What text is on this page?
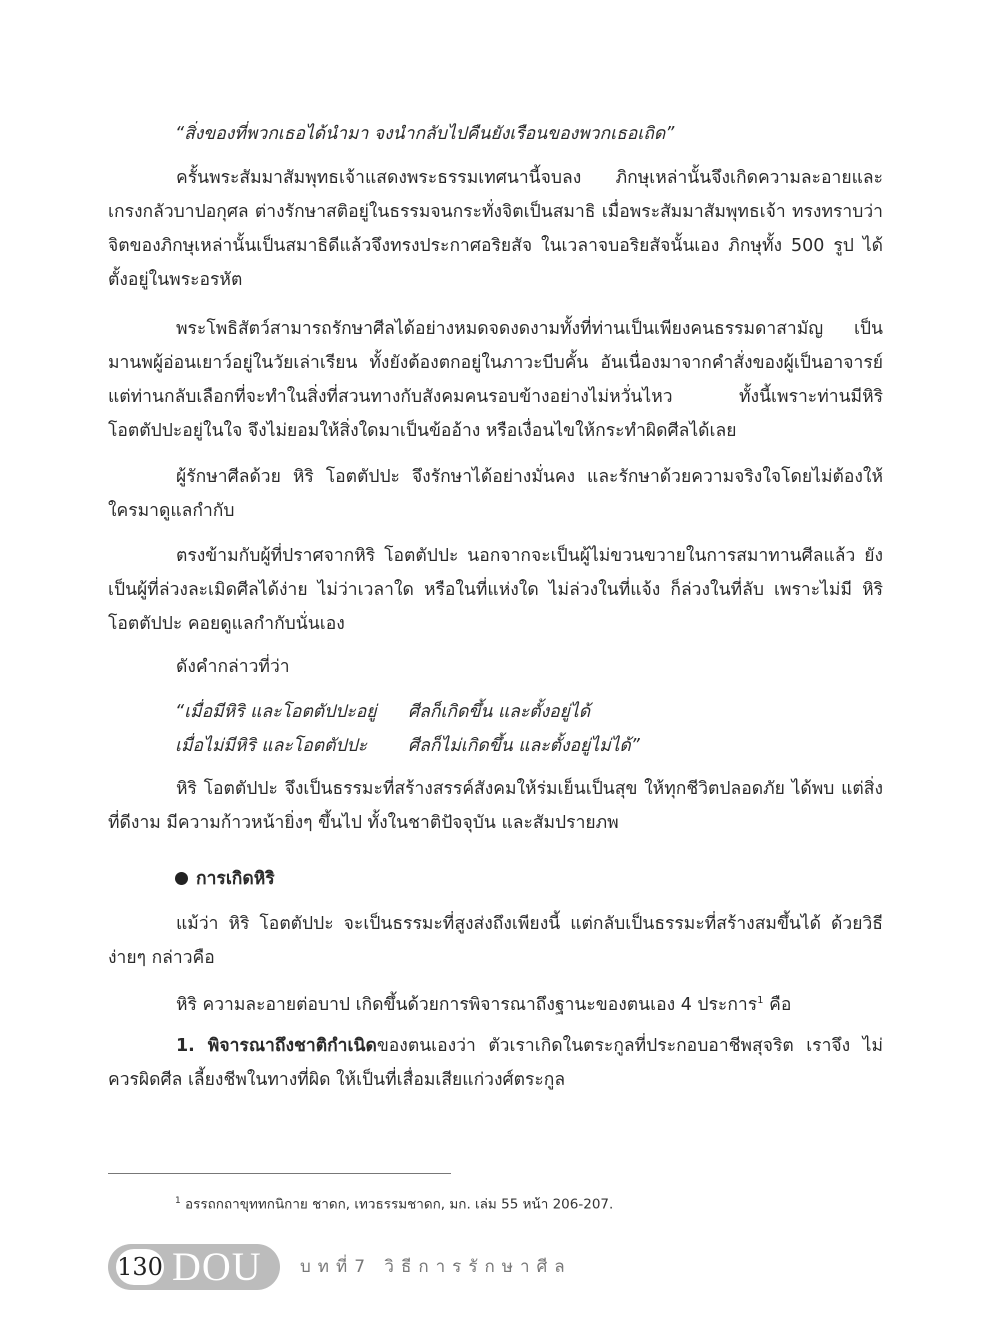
“สิ่งของที่พวกเธอได้นำมา จงนำกลับไปคืนยังเรือนของพวกเธอเถิด”
ครั้นพระสัมมาสัมพุทธเจ้าแสดงพระธรรมเทศนานี้จบลง ภิกษุเหล่านั้นจึงเกิดความละอายและเกรงกลัวบาปอกุศล ต่างรักษาสติอยู่ในธรรมจนกระทั่งจิตเป็นสมาธิ เมื่อพระสัมมาสัมพุทธเจ้า ทรงทราบว่าจิตของภิกษุเหล่านั้นเป็นสมาธิดีแล้วจึงทรงประกาศอริยสัจ ในเวลาจบอริยสัจนั้นเอง ภิกษุทั้ง 500 รูป ได้ตั้งอยู่ในพระอรหัต
พระโพธิสัตว์สามารถรักษาศีลได้อย่างหมดจดงดงามทั้งที่ท่านเป็นเพียงคนธรรมดาสามัญ เป็นมานพผู้อ่อนเยาว์อยู่ในวัยเล่าเรียน ทั้งยังต้องตกอยู่ในภาวะบีบคั้น อันเนื่องมาจากคำสั่งของผู้เป็นอาจารย์ แต่ท่านกลับเลือกที่จะทำในสิ่งที่สวนทางกับสังคมคนรอบข้างอย่างไม่หวั่นไหว ทั้งนี้เพราะท่านมีหิริ โอตตัปปะอยู่ในใจ จึงไม่ยอมให้สิ่งใดมาเป็นข้ออ้าง หรือเงื่อนไขให้กระทำผิดศีลได้เลย
ผู้รักษาศีลด้วย หิริ โอตตัปปะ จึงรักษาได้อย่างมั่นคง และรักษาด้วยความจริงใจโดยไม่ต้องให้ใครมาดูแลกำกับ
ตรงข้ามกับผู้ที่ปราศจากหิริ โอตตัปปะ นอกจากจะเป็นผู้ไม่ขวนขวายในการสมาทานศีลแล้ว ยังเป็นผู้ที่ล่วงละเมิดศีลได้ง่าย ไม่ว่าเวลาใด หรือในที่แห่งใด ไม่ล่วงในที่แจ้ง ก็ล่วงในที่ลับ เพราะไม่มี หิริ โอตตัปปะ คอยดูแลกำกับนั่นเอง
ดังคำกล่าวที่ว่า
“เมื่อมีหิริ และโอตตัปปะอยู่ ศีลก็เกิดขึ้น และตั้งอยู่ได้
เมื่อไม่มีหิริ และโอตตัปปะ ศีลก็ไม่เกิดขึ้น และตั้งอยู่ไม่ได้”
หิริ โอตตัปปะ จึงเป็นธรรมะที่สร้างสรรค์สังคมให้ร่มเย็นเป็นสุข ให้ทุกชีวิตปลอดภัย ได้พบ แต่สิ่งที่ดีงาม มีความก้าวหน้ายิ่งๆ ขึ้นไป ทั้งในชาติปัจจุบัน และสัมปรายภพ
การเกิดหิริ
แม้ว่า หิริ โอตตัปปะ จะเป็นธรรมะที่สูงส่งถึงเพียงนี้ แต่กลับเป็นธรรมะที่สร้างสมขึ้นได้ ด้วยวิธีง่ายๆ กล่าวคือ
หิริ ความละอายต่อบาป เกิดขึ้นด้วยการพิจารณาถึงฐานะของตนเอง 4 ประการ$^1$ คือ
1. พิจารณาถึงชาติกำเนิดของตนเองว่า ตัวเราเกิดในตระกูลที่ประกอบอาชีพสุจริต เราจึง ไม่ควรผิดศีล เลี้ยงชีพในทางที่ผิด ให้เป็นที่เสื่อมเสียแก่วงศ์ตระกูล
$^1$ อรรถกถาขุททกนิกาย ชาดก, เทวธรรมชาดก, มก. เล่ม 55 หน้า 206-207.
130 DOU บทที่7 วิธีการรักษาศีล
